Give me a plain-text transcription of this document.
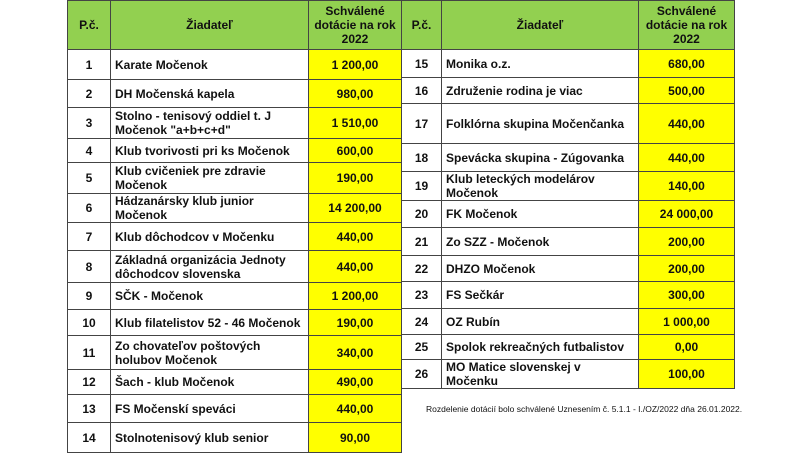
P.č.	Žiadateľ	Schválené dotácie na rok 2022
1	Karate Močenok	1 200,00
2	DH Močenská kapela	980,00
3	Stolno - tenisový oddiel t. J Močenok "a+b+c+d"	1 510,00
4	Klub tvorivosti pri ks Močenok	600,00
5	Klub cvičeniek pre zdravie Močenok	190,00
6	Hádzanársky klub junior Močenok	14 200,00
7	Klub dôchodcov v Močenku	440,00
8	Základná organizácia Jednoty dôchodcov slovenska	440,00
9	SČK - Močenok	1 200,00
10	Klub filatelistov 52 - 46 Močenok	190,00
11	Zo chovateľov poštových holubov Močenok	340,00
12	Šach - klub Močenok	490,00
13	FS Močenskí speváci	440,00
14	Stolnotenisový klub senior	90,00
P.č.	Žiadateľ	Schválené dotácie na rok 2022
15	Monika o.z.	680,00
16	Združenie rodina je viac	500,00
17	Folklórna skupina Močenčanka	440,00
18	Spevácka skupina - Zúgovanka	440,00
19	Klub leteckých modelárov Močenok	140,00
20	FK Močenok	24 000,00
21	Zo SZZ - Močenok	200,00
22	DHZO Močenok	200,00
23	FS Sečkár	300,00
24	OZ Rubín	1 000,00
25	Spolok rekreačných futbalistov	0,00
26	MO Matice slovenskej v Močenku	100,00
Rozdelenie dotácií bolo schválené Uznesením č. 5.1.1 - I./OZ/2022 dňa 26.01.2022.
